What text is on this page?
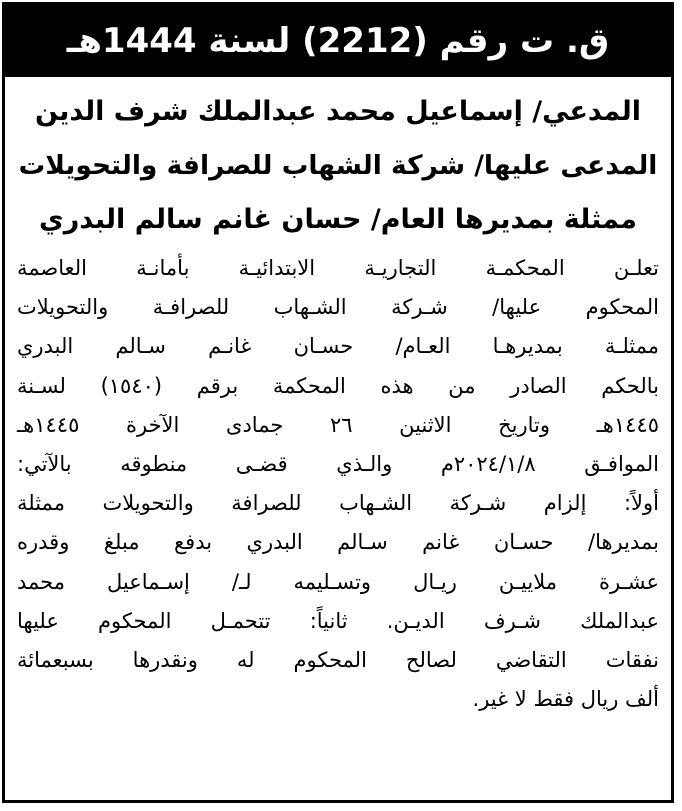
ق. ت رقم (2212) لسنة 1444هـ
المدعي/ إسماعيل محمد عبدالملك شرف الدين
المدعى عليها/ شركة الشهاب للصرافة والتحويلات
ممثلة بمديرها العام/ حسان غانم سالم البدري
تعلـن المحكمـة التجاريـة الابتدائيـة بأمانـة العاصمة
المحكوم عليها/ شـركة الشـهاب للصرافـة والتحويلات
ممثلـة بمديرهـا العـام/ حسـان غانـم سـالم البدري
بالحكم الصادر من هذه المحكمة برقم (١٥٤٠) لسـنة
١٤٤٥هـ وتاريخ الاثنين ٢٦ جمادى الآخرة ١٤٤٥هـ
الموافـق ٢٠٢٤/١/٨م والـذي قضـى منطوقه بالآتي:
أولاً: إلزام شـركة الشـهاب للصرافة والتحويلات ممثلة
بمديرها/ حسـان غانم سـالم البدري بدفع مبلغ وقدره
عشـرة ملاييـن ريـال وتسـليمه لـ/ إسـماعيل محمد
عبدالملك شـرف الديـن. ثانياً: تتحمـل المحكوم عليها
نفقات التقاضي لصالح المحكوم له ونقدرها بسبعمائة
ألف ريال فقط لا غير.
